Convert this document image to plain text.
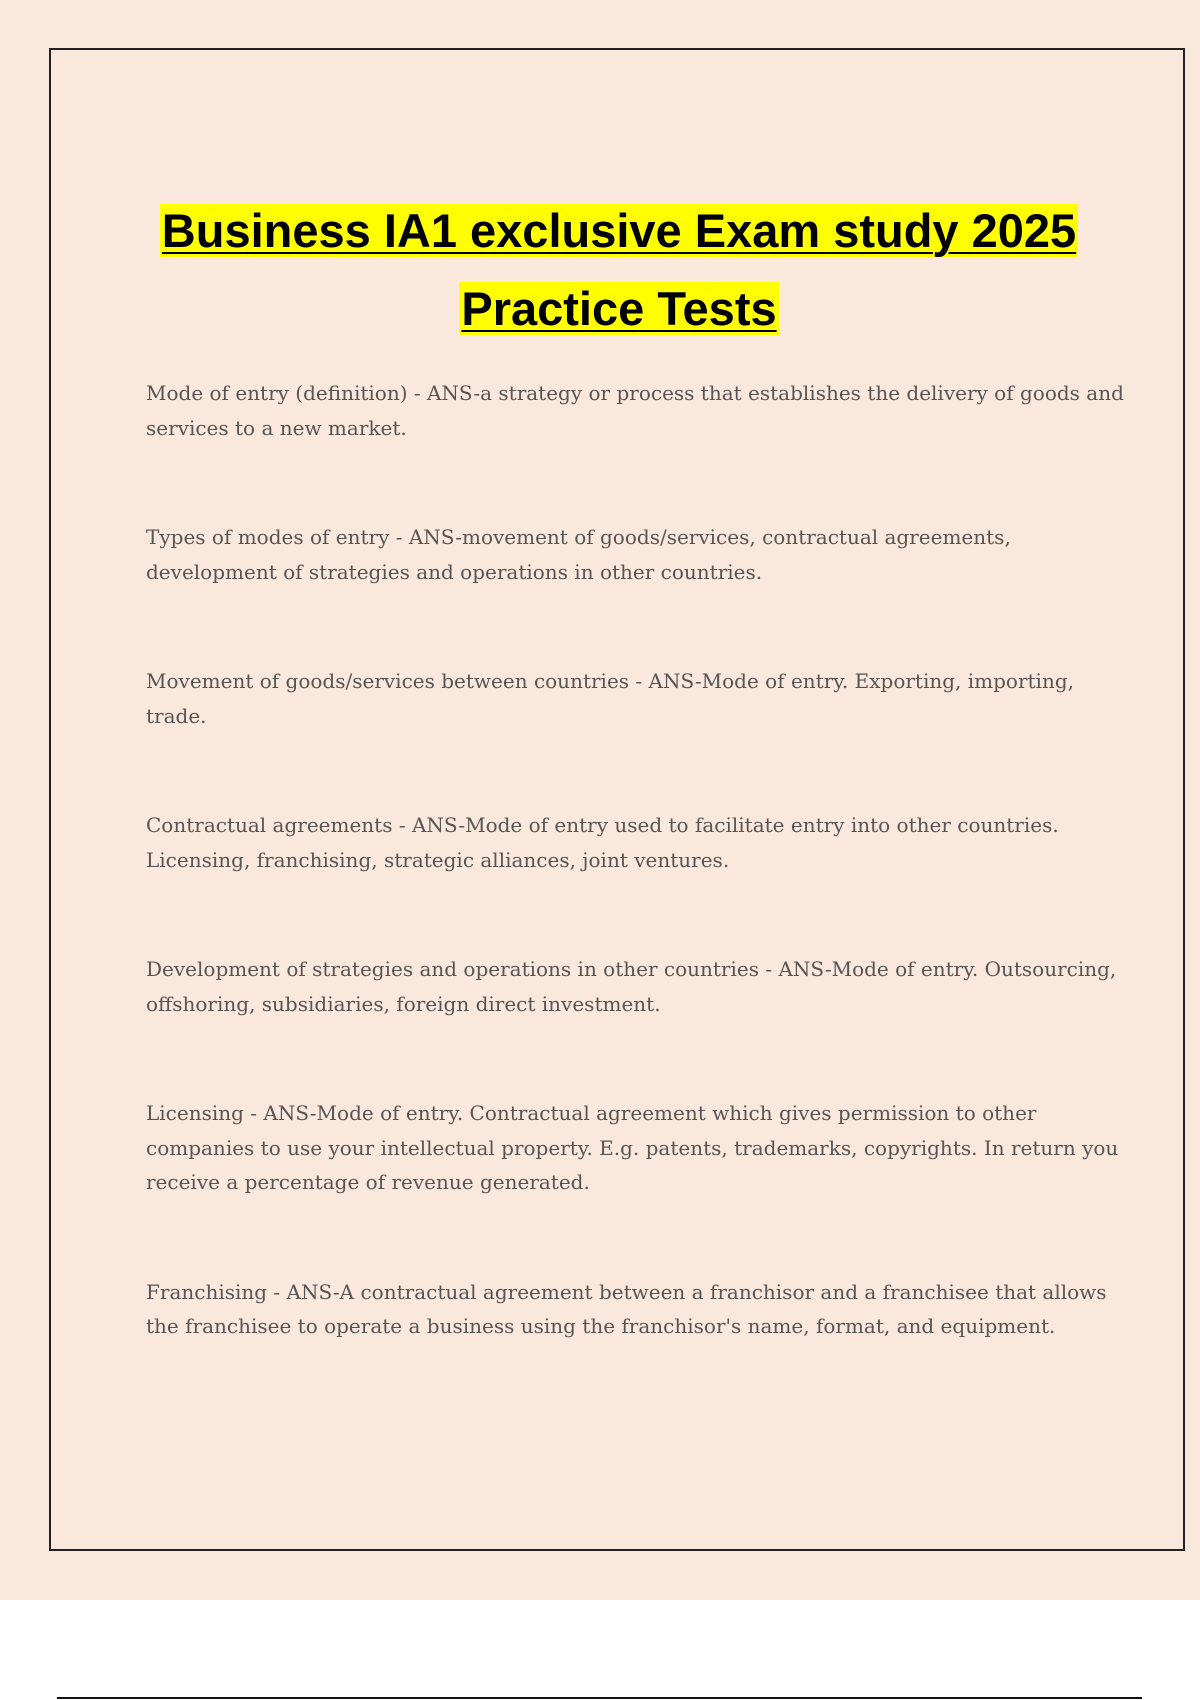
Business IA1 exclusive Exam study 2025
Practice Tests

Mode of entry (definition) - ANS-a strategy or process that establishes the delivery of goods and services to a new market.

Types of modes of entry - ANS-movement of goods/services, contractual agreements, development of strategies and operations in other countries.

Movement of goods/services between countries - ANS-Mode of entry. Exporting, importing, trade.

Contractual agreements - ANS-Mode of entry used to facilitate entry into other countries. Licensing, franchising, strategic alliances, joint ventures.

Development of strategies and operations in other countries - ANS-Mode of entry. Outsourcing, offshoring, subsidiaries, foreign direct investment.

Licensing - ANS-Mode of entry. Contractual agreement which gives permission to other companies to use your intellectual property. E.g. patents, trademarks, copyrights. In return you receive a percentage of revenue generated.

Franchising - ANS-A contractual agreement between a franchisor and a franchisee that allows the franchisee to operate a business using the franchisor's name, format, and equipment.
